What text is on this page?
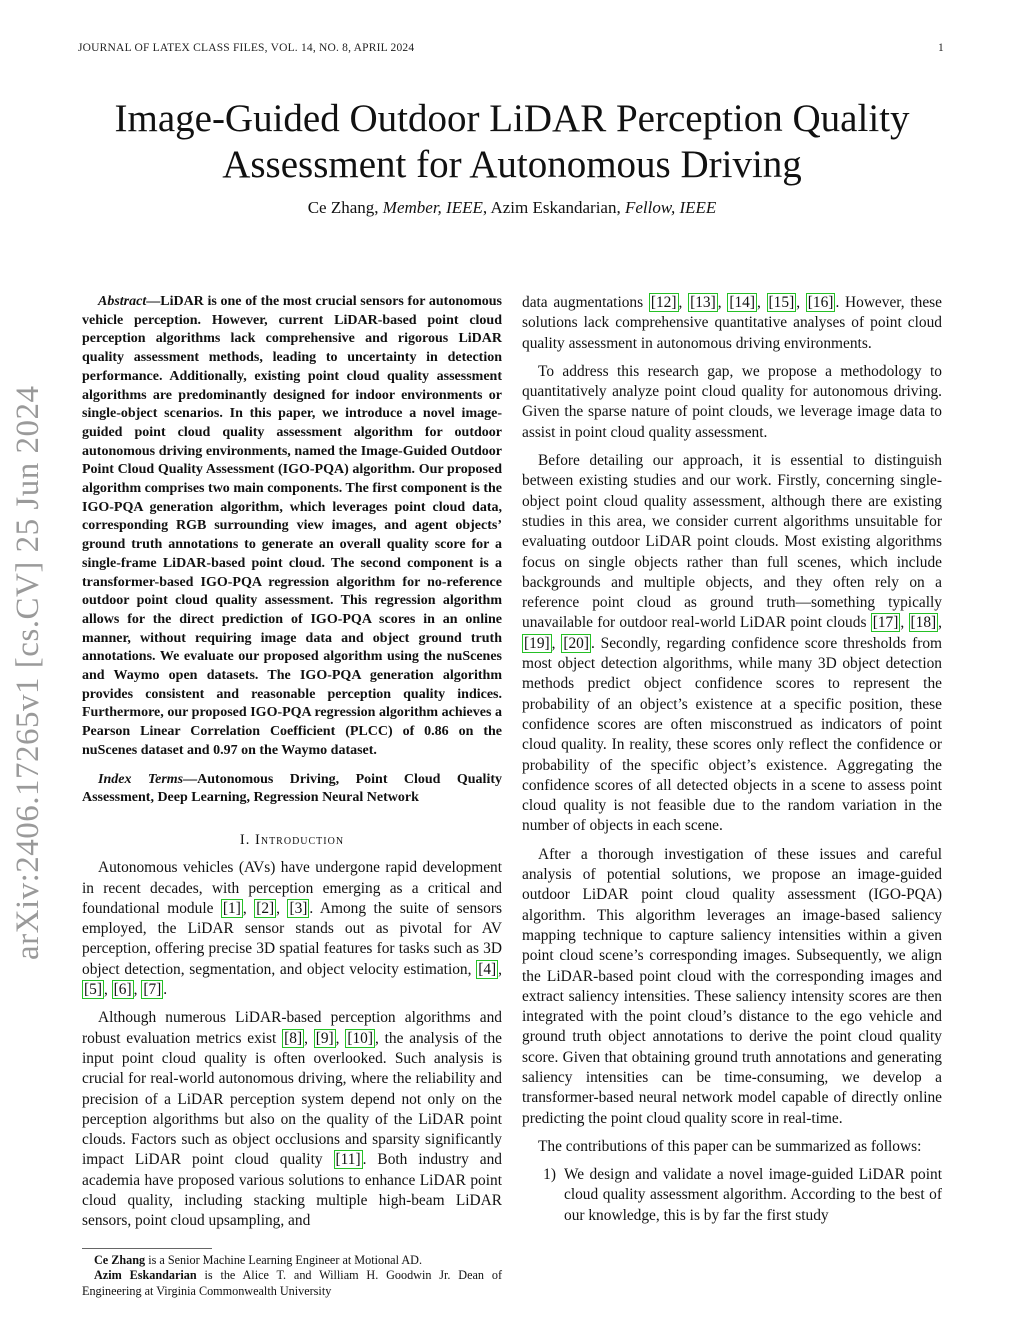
JOURNAL OF LATEX CLASS FILES, VOL. 14, NO. 8, APRIL 2024	1
arXiv:2406.17265v1 [cs.CV] 25 Jun 2024
Image-Guided Outdoor LiDAR Perception Quality Assessment for Autonomous Driving
Ce Zhang, Member, IEEE, Azim Eskandarian, Fellow, IEEE

Abstract—LiDAR is one of the most crucial sensors for autonomous vehicle perception. However, current LiDAR-based point cloud perception algorithms lack comprehensive and rigorous LiDAR quality assessment methods, leading to uncertainty in detection performance. Additionally, existing point cloud quality assessment algorithms are predominantly designed for indoor environments or single-object scenarios. In this paper, we introduce a novel image-guided point cloud quality assessment algorithm for outdoor autonomous driving environments, named the Image-Guided Outdoor Point Cloud Quality Assessment (IGO-PQA) algorithm. Our proposed algorithm comprises two main components. The first component is the IGO-PQA generation algorithm, which leverages point cloud data, corresponding RGB surrounding view images, and agent objects’ ground truth annotations to generate an overall quality score for a single-frame LiDAR-based point cloud. The second component is a transformer-based IGO-PQA regression algorithm for no-reference outdoor point cloud quality assessment. This regression algorithm allows for the direct prediction of IGO-PQA scores in an online manner, without requiring image data and object ground truth annotations. We evaluate our proposed algorithm using the nuScenes and Waymo open datasets. The IGO-PQA generation algorithm provides consistent and reasonable perception quality indices. Furthermore, our proposed IGO-PQA regression algorithm achieves a Pearson Linear Correlation Coefficient (PLCC) of 0.86 on the nuScenes dataset and 0.97 on the Waymo dataset.

Index Terms—Autonomous Driving, Point Cloud Quality Assessment, Deep Learning, Regression Neural Network

I. Introduction

Autonomous vehicles (AVs) have undergone rapid development in recent decades, with perception emerging as a critical and foundational module [1] , [2] , [3] . Among the suite of sensors employed, the LiDAR sensor stands out as pivotal for AV perception, offering precise 3D spatial features for tasks such as 3D object detection, segmentation, and object velocity estimation, [4] , [5] , [6] , [7] .

Although numerous LiDAR-based perception algorithms and robust evaluation metrics exist [8] , [9] , [10] , the analysis of the input point cloud quality is often overlooked. Such analysis is crucial for real-world autonomous driving, where the reliability and precision of a LiDAR perception system depend not only on the perception algorithms but also on the quality of the LiDAR point clouds. Factors such as object occlusions and sparsity significantly impact LiDAR point cloud quality [11] . Both industry and academia have proposed various solutions to enhance LiDAR point cloud quality, including stacking multiple high-beam LiDAR sensors, point cloud upsampling, and

Ce Zhang is a Senior Machine Learning Engineer at Motional AD.

Azim Eskandarian is the Alice T. and William H. Goodwin Jr. Dean of Engineering at Virginia Commonwealth University

data augmentations [12] , [13] , [14] , [15] , [16] . However, these solutions lack comprehensive quantitative analyses of point cloud quality assessment in autonomous driving environments.

To address this research gap, we propose a methodology to quantitatively analyze point cloud quality for autonomous driving. Given the sparse nature of point clouds, we leverage image data to assist in point cloud quality assessment.

Before detailing our approach, it is essential to distinguish between existing studies and our work. Firstly, concerning single-object point cloud quality assessment, although there are existing studies in this area, we consider current algorithms unsuitable for evaluating outdoor LiDAR point clouds. Most existing algorithms focus on single objects rather than full scenes, which include backgrounds and multiple objects, and they often rely on a reference point cloud as ground truth—something typically unavailable for outdoor real-world LiDAR point clouds [17] , [18] , [19] , [20] . Secondly, regarding confidence score thresholds from most object detection algorithms, while many 3D object detection methods predict object confidence scores to represent the probability of an object’s existence at a specific position, these confidence scores are often misconstrued as indicators of point cloud quality. In reality, these scores only reflect the confidence or probability of the specific object’s existence. Aggregating the confidence scores of all detected objects in a scene to assess point cloud quality is not feasible due to the random variation in the number of objects in each scene.

After a thorough investigation of these issues and careful analysis of potential solutions, we propose an image-guided outdoor LiDAR point cloud quality assessment (IGO-PQA) algorithm. This algorithm leverages an image-based saliency mapping technique to capture saliency intensities within a given point cloud scene’s corresponding images. Subsequently, we align the LiDAR-based point cloud with the corresponding images and extract saliency intensities. These saliency intensity scores are then integrated with the point cloud’s distance to the ego vehicle and ground truth object annotations to derive the point cloud quality score. Given that obtaining ground truth annotations and generating saliency intensities can be time-consuming, we develop a transformer-based neural network model capable of directly online predicting the point cloud quality score in real-time.

The contributions of this paper can be summarized as follows:

1) We design and validate a novel image-guided LiDAR point cloud quality assessment algorithm. According to the best of our knowledge, this is by far the first study
